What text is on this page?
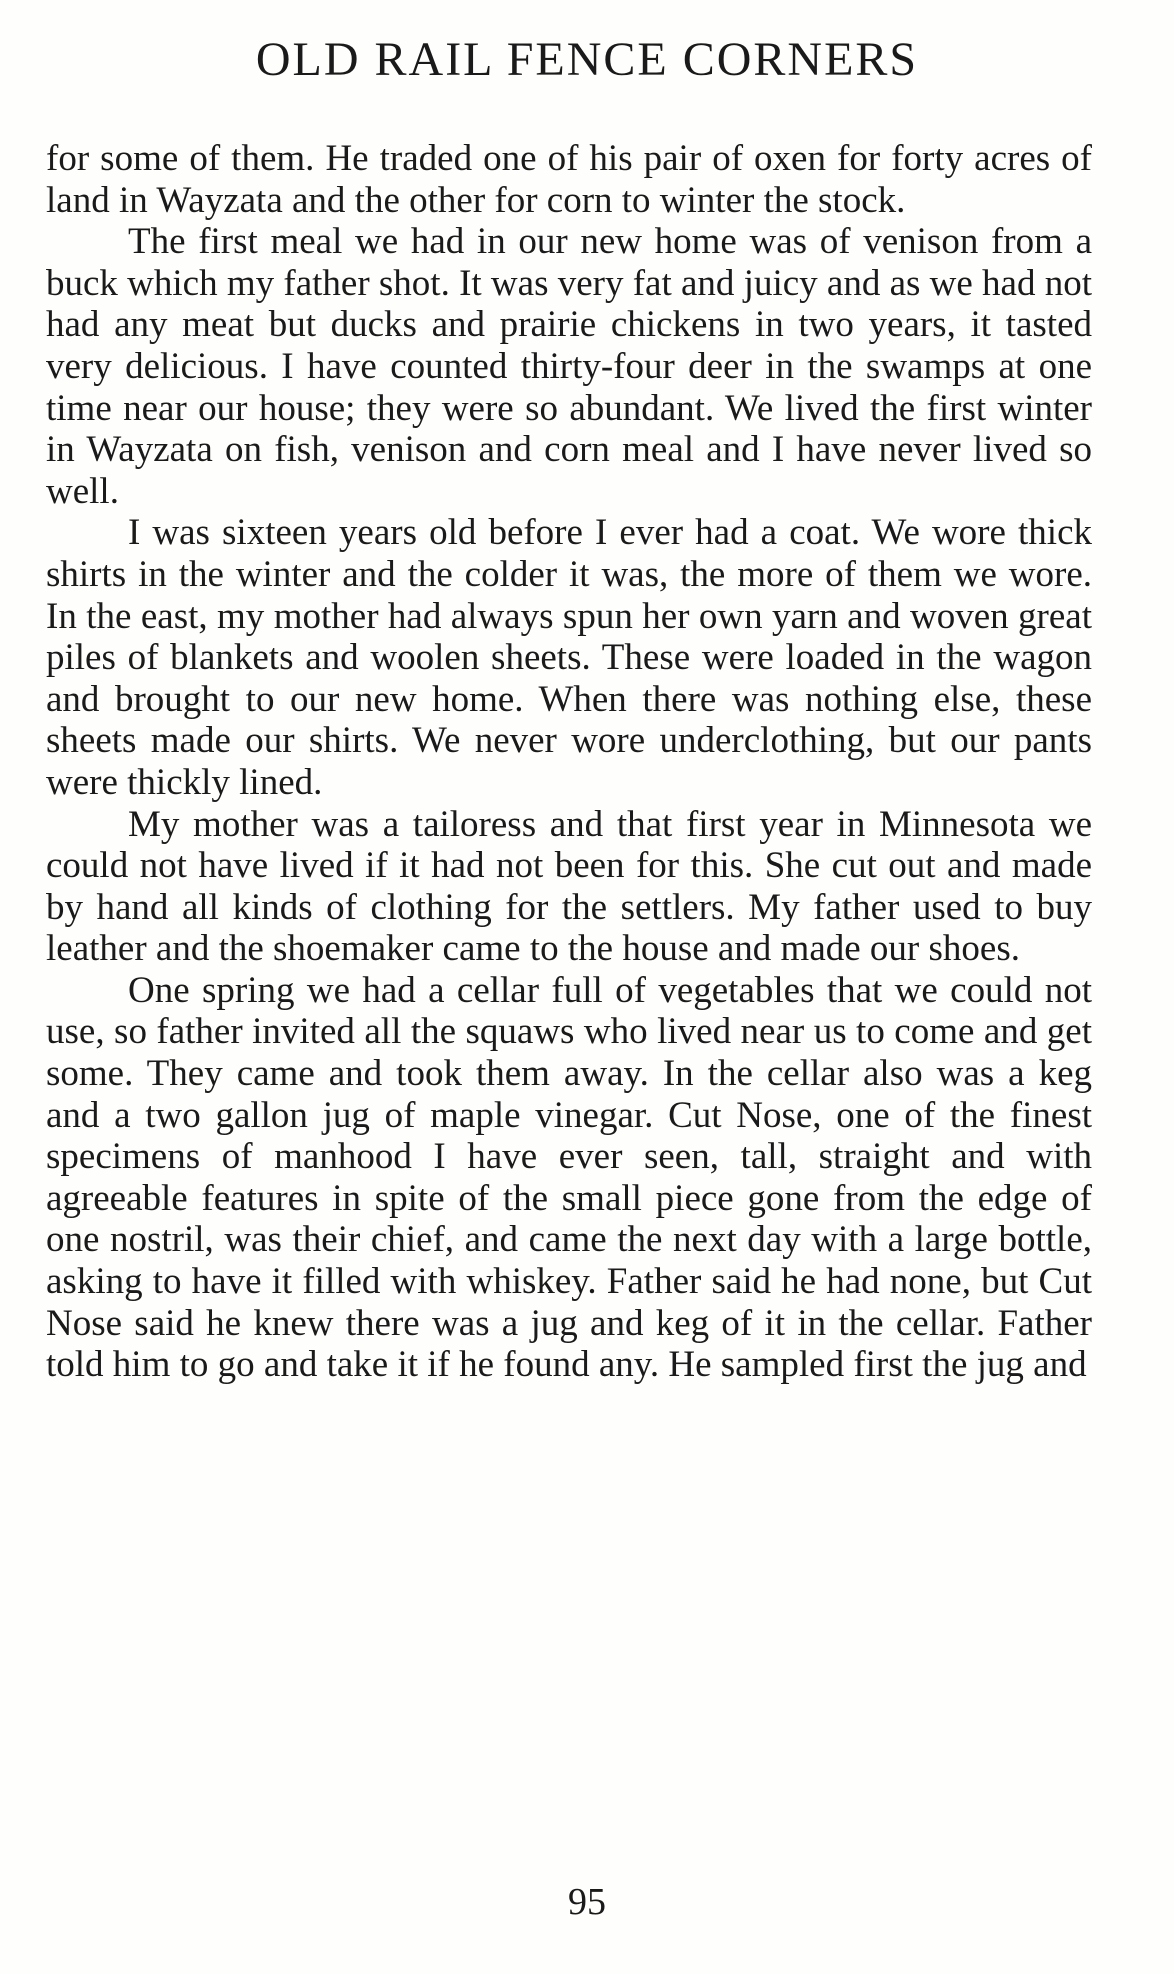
OLD RAIL FENCE CORNERS

for some of them. He traded one of his pair of oxen for forty acres of land in Wayzata and the other for corn to winter the stock.

The first meal we had in our new home was of venison from a buck which my father shot. It was very fat and juicy and as we had not had any meat but ducks and prairie chickens in two years, it tasted very delicious. I have counted thirty-four deer in the swamps at one time near our house; they were so abundant. We lived the first winter in Wayzata on fish, venison and corn meal and I have never lived so well.

I was sixteen years old before I ever had a coat. We wore thick shirts in the winter and the colder it was, the more of them we wore. In the east, my mother had always spun her own yarn and woven great piles of blankets and woolen sheets. These were loaded in the wagon and brought to our new home. When there was nothing else, these sheets made our shirts. We never wore underclothing, but our pants were thickly lined.

My mother was a tailoress and that first year in Minnesota we could not have lived if it had not been for this. She cut out and made by hand all kinds of clothing for the settlers. My father used to buy leather and the shoemaker came to the house and made our shoes.

One spring we had a cellar full of vegetables that we could not use, so father invited all the squaws who lived near us to come and get some. They came and took them away. In the cellar also was a keg and a two gallon jug of maple vinegar. Cut Nose, one of the finest specimens of manhood I have ever seen, tall, straight and with agreeable features in spite of the small piece gone from the edge of one nostril, was their chief, and came the next day with a large bottle, asking to have it filled with whiskey. Father said he had none, but Cut Nose said he knew there was a jug and keg of it in the cellar. Father told him to go and take it if he found any. He sampled first the jug and

95
